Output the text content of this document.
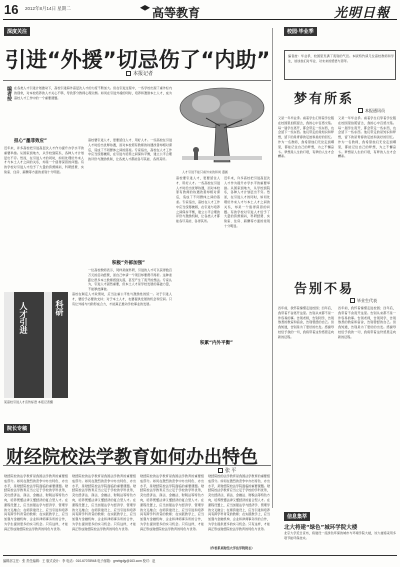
16 2012年8月14日 星期二	高等教育	光明日報
深度关注
引进“外援”切忌伤了“内助”
本报记者
编者按 在各类人才引进计划推动下，高校引进海外高层次人才的力度不断加大。但在引进过程中，一些学校出现了重外轻内的现象，对本校培养的人才关心不够，导致部分教师心理失衡。如何在引进外援的同时，培养和激励本土人才，成为高校人才工作中的一个重要课题。
担心“墨菲效应”
近年来，许多高校把引进高层次人才作为提升办学水平的重要举措。从国家到地方，从学校到院系，各种人才计划层出不穷。然而，在引进人才的同时，如何处理好外来人才与本土人才之间的关系，却是一个值得深思的问题。有的学校对引进人才给予了大量的资源倾斜，科研经费、实验室、住房、薪酬等方面的差别十分明显。
高校要引进人才，更要留住人才、用好人才。一些高校在引进人才时给出优厚待遇，而对本校原有教师的待遇改善却相对滞后，造成了不同群体之间的落差。专家指出，高校在人才工作中应当统筹兼顾，在引进与培养之间保持平衡，建立公平合理的评价与激励机制，让各类人才都能各尽其能、各得其所。
积极“外部加强”
一位高校教师表示，同样是做科研，引进的人才可以获得数百万元的启动经费，而自己申请一个项目却要费尽周折。这种差距让很多本土教师感到失落，甚至产生了离开的想法。专家认为，引进人才固然重要，但本土人才是学校发展的基础力量，不能厚此薄彼。
高校在制定人才政策时，应当注重公平性与激励性的统一。对于引进人才，要给予必要的支持；对于本土人才，也要提供发展的机会和空间。只有让外援与内助形成合力，才能真正推动学校事业的发展。
人才引进不能只看外来的和尚 漫画
高校要引进人才，更要留住人才、用好人才。一些高校在引进人才时给出优厚待遇，而对本校原有教师的待遇改善却相对滞后，造成了不同群体之间的落差。专家指出，高校在人才工作中应当统筹兼顾，在引进与培养之间保持平衡，建立公平合理的评价与激励机制，让各类人才都能各尽其能、各得其所。
近年来，许多高校把引进高层次人才作为提升办学水平的重要举措。从国家到地方，从学校到院系，各种人才计划层出不穷。然而，在引进人才的同时，如何处理好外来人才与本土人才之间的关系，却是一个值得深思的问题。有的学校对引进人才给予了大量的资源倾斜，科研经费、实验室、住房、薪酬等方面的差别十分明显。
积累“内外平衡”
人才引进	科研
某高校引进人才宣传标语 本报记者摄
校园·毕业季
编者按：毕业季，校园里充满了离别的气息。本版特约请几位高校教师和学生，谈谈他们对毕业、对未来的感悟与思考。
梦有所系
本报通讯员
又是一年毕业季。看着学生们穿着学位服在校园里拍照留念，我的心中百感交集。每一届学生离开，都会带走一些东西，也会留下一些东西。他们带走的是知识和梦想，留下的是青春的足迹和美好的回忆。作为一名教师，我希望他们无论走到哪里，都能记住自己的梦想，为之不懈奋斗。梦想是人生的灯塔，有梦的人生才会精彩。
又是一年毕业季。看着学生们穿着学位服在校园里拍照留念，我的心中百感交集。每一届学生离开，都会带走一些东西，也会留下一些东西。他们带走的是知识和梦想，留下的是青春的足迹和美好的回忆。作为一名教师，我希望他们无论走到哪里，都能记住自己的梦想，为之不懈奋斗。梦想是人生的灯塔，有梦的人生才会精彩。
告别不易
毕业生代表
四年前，我怀着憧憬走进校园；四年后，我带着不舍离开这里。告别从来都不是一件容易的事。告别老师，告别同学，告别熟悉的教室和宿舍，告别曾经的自己。但我知道，告别是为了更好的出发。感谢母校给予我的一切，我将带着这份感恩走向新的征程。
四年前，我怀着憧憬走进校园；四年后，我带着不舍离开这里。告别从来都不是一件容易的事。告别老师，告别同学，告别熟悉的教室和宿舍，告别曾经的自己。但我知道，告别是为了更好的出发。感谢母校给予我的一切，我将带着这份感恩走向新的征程。
信息集萃
北大将建“绿色”城环学院大楼
北京大学近日宣布，将建设一座绿色环保的城市与环境学院大楼，该大楼将采用多项节能环保技术。
院长专稿
财经院校法学教育如何办出特色
张 平
财经院校的法学教育是我国法学教育的重要组成部分。如何在激烈的竞争中办出特色、办出水平，是财经院校法学院面临的重要课题。财经院校法学教育应当立足于学校的学科优势，突出经济法、商法、金融法、财税法等特色方向，培养既懂法律又懂经济的复合型人才。在课程设置上，应当加强法学与经济学、管理学的交叉融合；在师资建设上，应当引进和培养具有跨学科背景的教师；在实践教学上，应当加强与金融机构、企业和律师事务所的合作，为学生提供更多的实习机会。只有这样，才能真正形成财经院校法学教育的特色与优势。
财经院校的法学教育是我国法学教育的重要组成部分。如何在激烈的竞争中办出特色、办出水平，是财经院校法学院面临的重要课题。财经院校法学教育应当立足于学校的学科优势，突出经济法、商法、金融法、财税法等特色方向，培养既懂法律又懂经济的复合型人才。在课程设置上，应当加强法学与经济学、管理学的交叉融合；在师资建设上，应当引进和培养具有跨学科背景的教师；在实践教学上，应当加强与金融机构、企业和律师事务所的合作，为学生提供更多的实习机会。只有这样，才能真正形成财经院校法学教育的特色与优势。
财经院校的法学教育是我国法学教育的重要组成部分。如何在激烈的竞争中办出特色、办出水平，是财经院校法学院面临的重要课题。财经院校法学教育应当立足于学校的学科优势，突出经济法、商法、金融法、财税法等特色方向，培养既懂法律又懂经济的复合型人才。在课程设置上，应当加强法学与经济学、管理学的交叉融合；在师资建设上，应当引进和培养具有跨学科背景的教师；在实践教学上，应当加强与金融机构、企业和律师事务所的合作，为学生提供更多的实习机会。只有这样，才能真正形成财经院校法学教育的特色与优势。
财经院校的法学教育是我国法学教育的重要组成部分。如何在激烈的竞争中办出特色、办出水平，是财经院校法学院面临的重要课题。财经院校法学教育应当立足于学校的学科优势，突出经济法、商法、金融法、财税法等特色方向，培养既懂法律又懂经济的复合型人才。在课程设置上，应当加强法学与经济学、管理学的交叉融合；在师资建设上，应当引进和培养具有跨学科背景的教师；在实践教学上，应当加强与金融机构、企业和律师事务所的合作，为学生提供更多的实习机会。只有这样，才能真正形成财经院校法学教育的特色与优势。
（作者系某财经大学法学院院长）
编辑部主任：张 责任编辑：王 版式设计：李 电话：010-67078948 电子邮箱：gmrbgdjy@163.com 校对：赵
